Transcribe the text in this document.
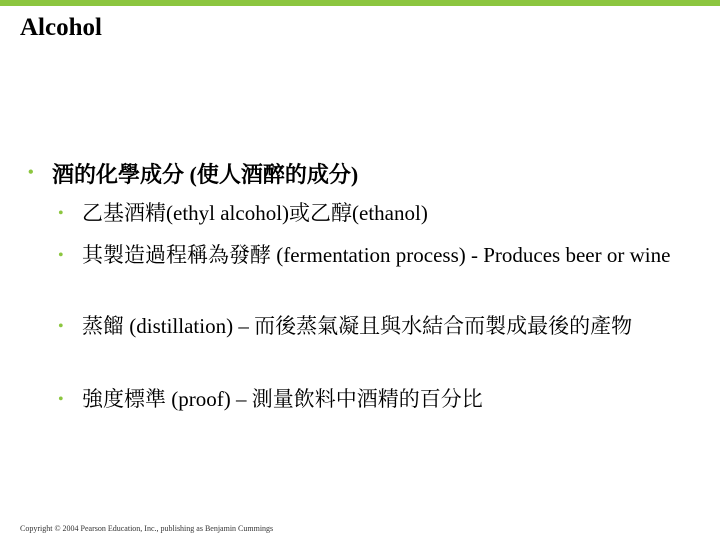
Alcohol
• 酒的化學成分 (使人酒醉的成分)
• 乙基酒精(ethyl alcohol)或乙醇(ethanol)
• 其製造過程稱為發酵 (fermentation process) - Produces beer or wine
• 蒸餾 (distillation) – 而後蒸氣凝且與水結合而製成最後的產物
• 強度標準 (proof) – 測量飲料中酒精的百分比
Copyright © 2004 Pearson Education, Inc., publishing as Benjamin Cummings
